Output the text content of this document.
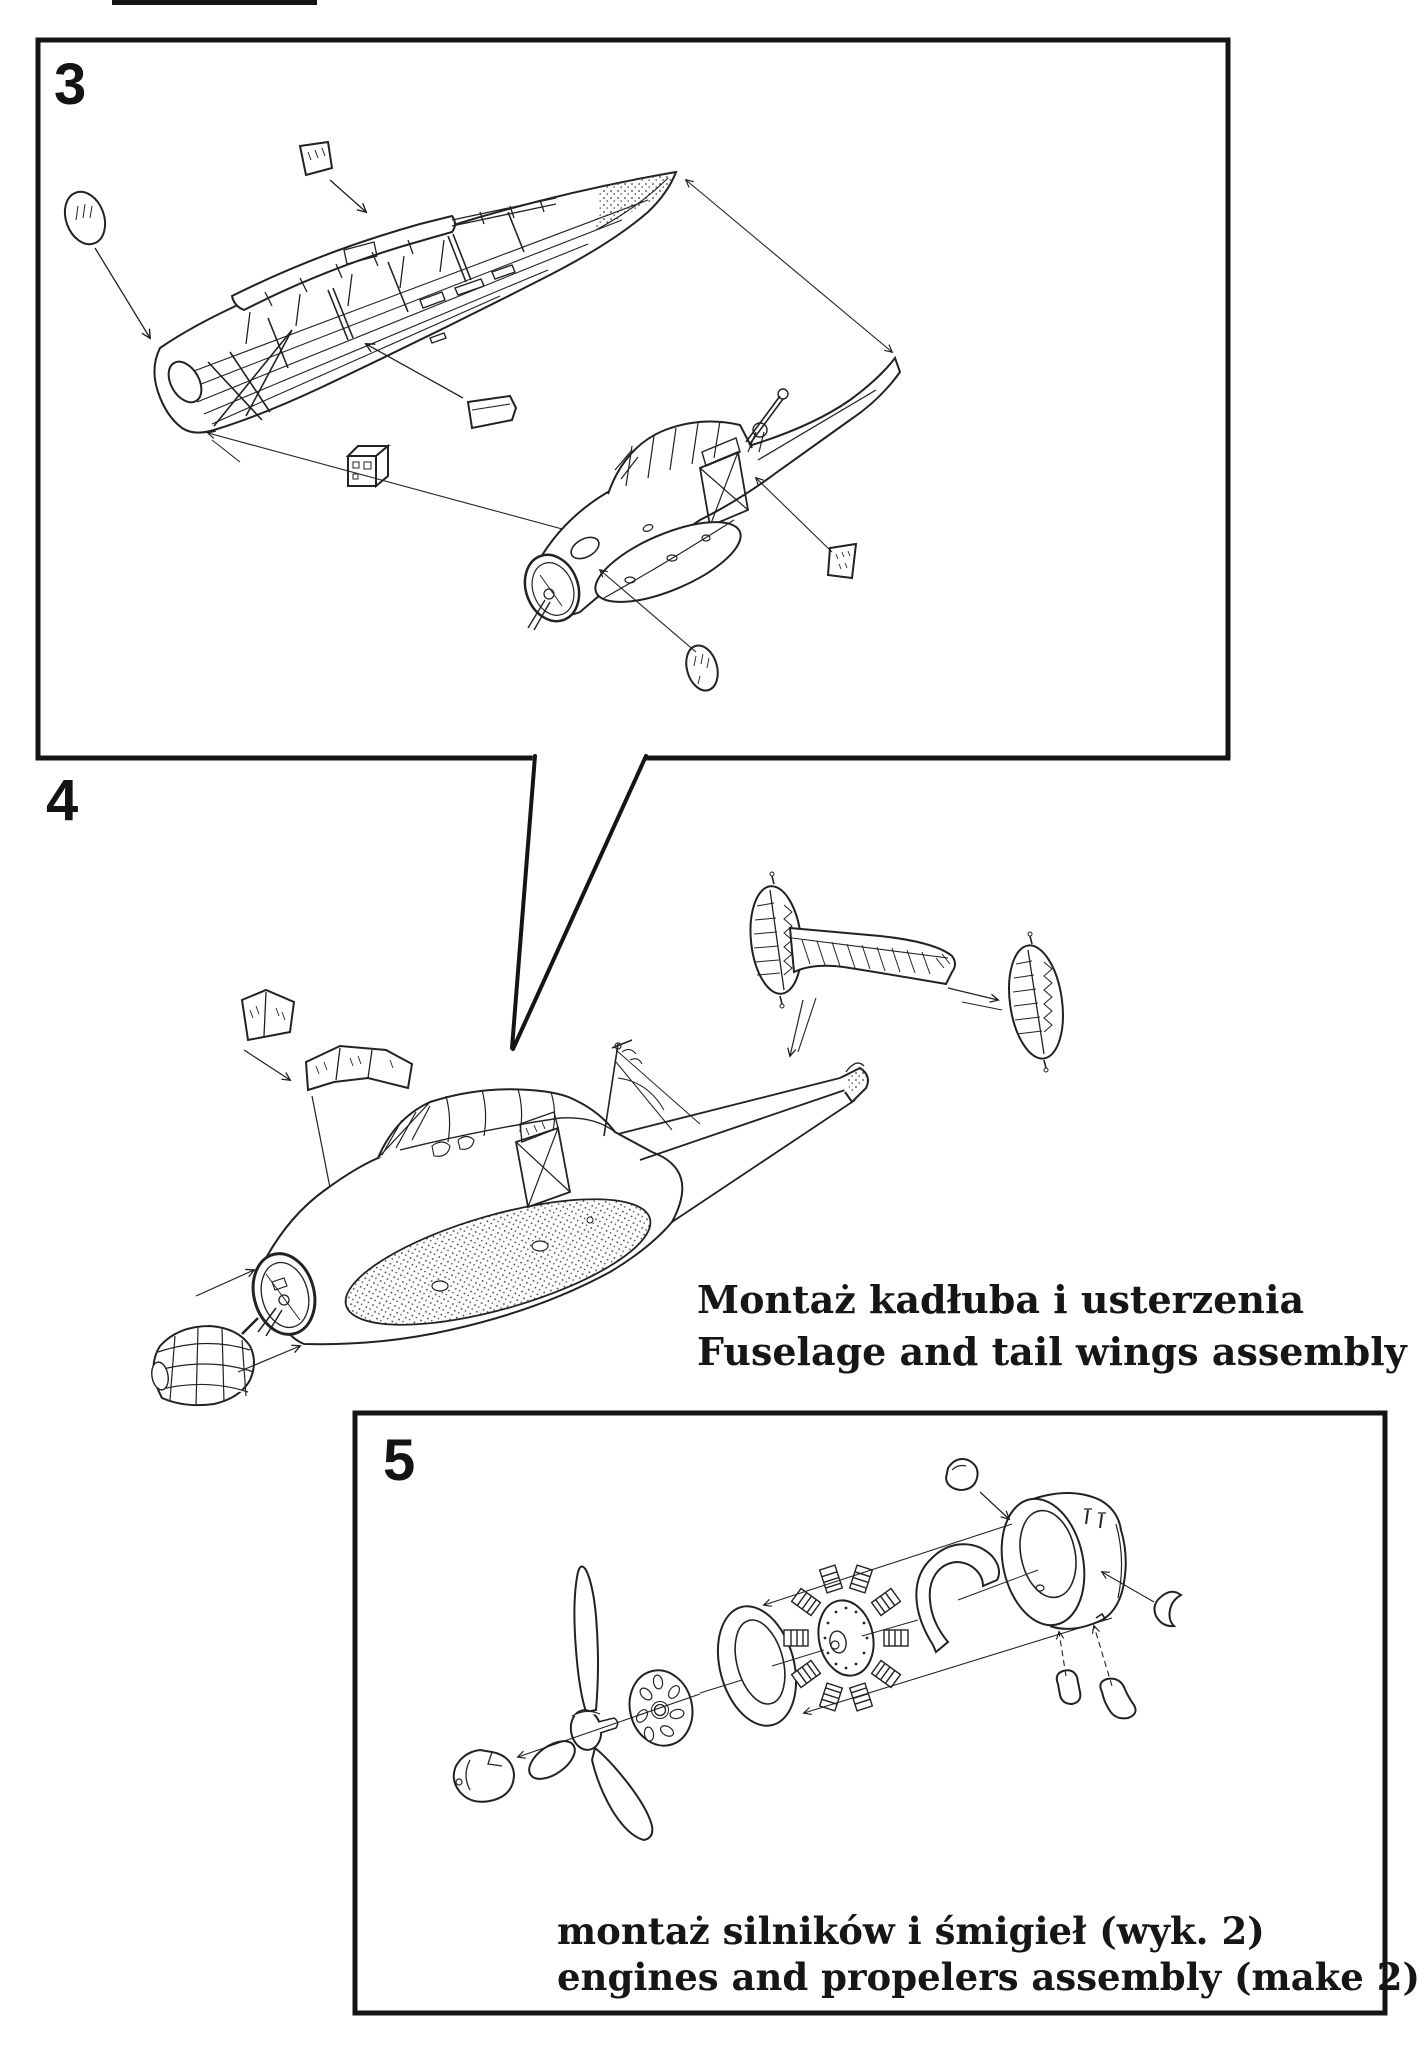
3
4
5
Montaż kadłuba i usterzenia
Fuselage and tail wings assembly
montaż silników i śmigieł (wyk. 2)
engines and propelers assembly (make 2)
